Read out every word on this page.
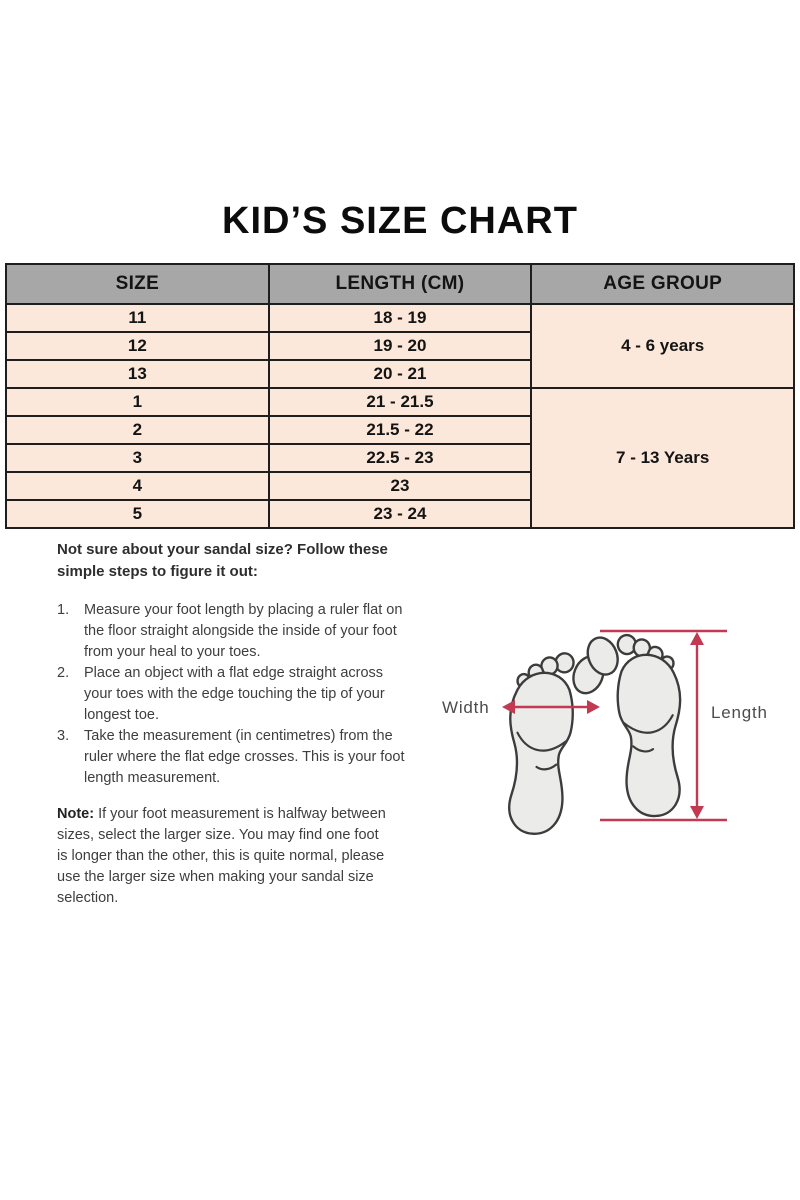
KID’S SIZE CHART
SIZE	LENGTH (CM)	AGE GROUP
11	18 - 19	4 - 6 years
12	19 - 20	
13	20 - 21	
1	21 - 21.5	7 - 13 Years
2	21.5 - 22	
3	22.5 - 23	
4	23	
5	23 - 24	

Not sure about your sandal size? Follow these simple steps to figure it out:

1.	Measure your foot length by placing a ruler flat on the floor straight alongside the inside of your foot from your heal to your toes.
2.	Place an object with a flat edge straight across your toes with the edge touching the tip of your longest toe.
3.	Take the measurement (in centimetres) from the ruler where the flat edge crosses. This is your foot length measurement.

Note: If your foot measurement is halfway between sizes, select the larger size. You may find one foot is longer than the other, this is quite normal, please use the larger size when making your sandal size selection.

Width	Length
